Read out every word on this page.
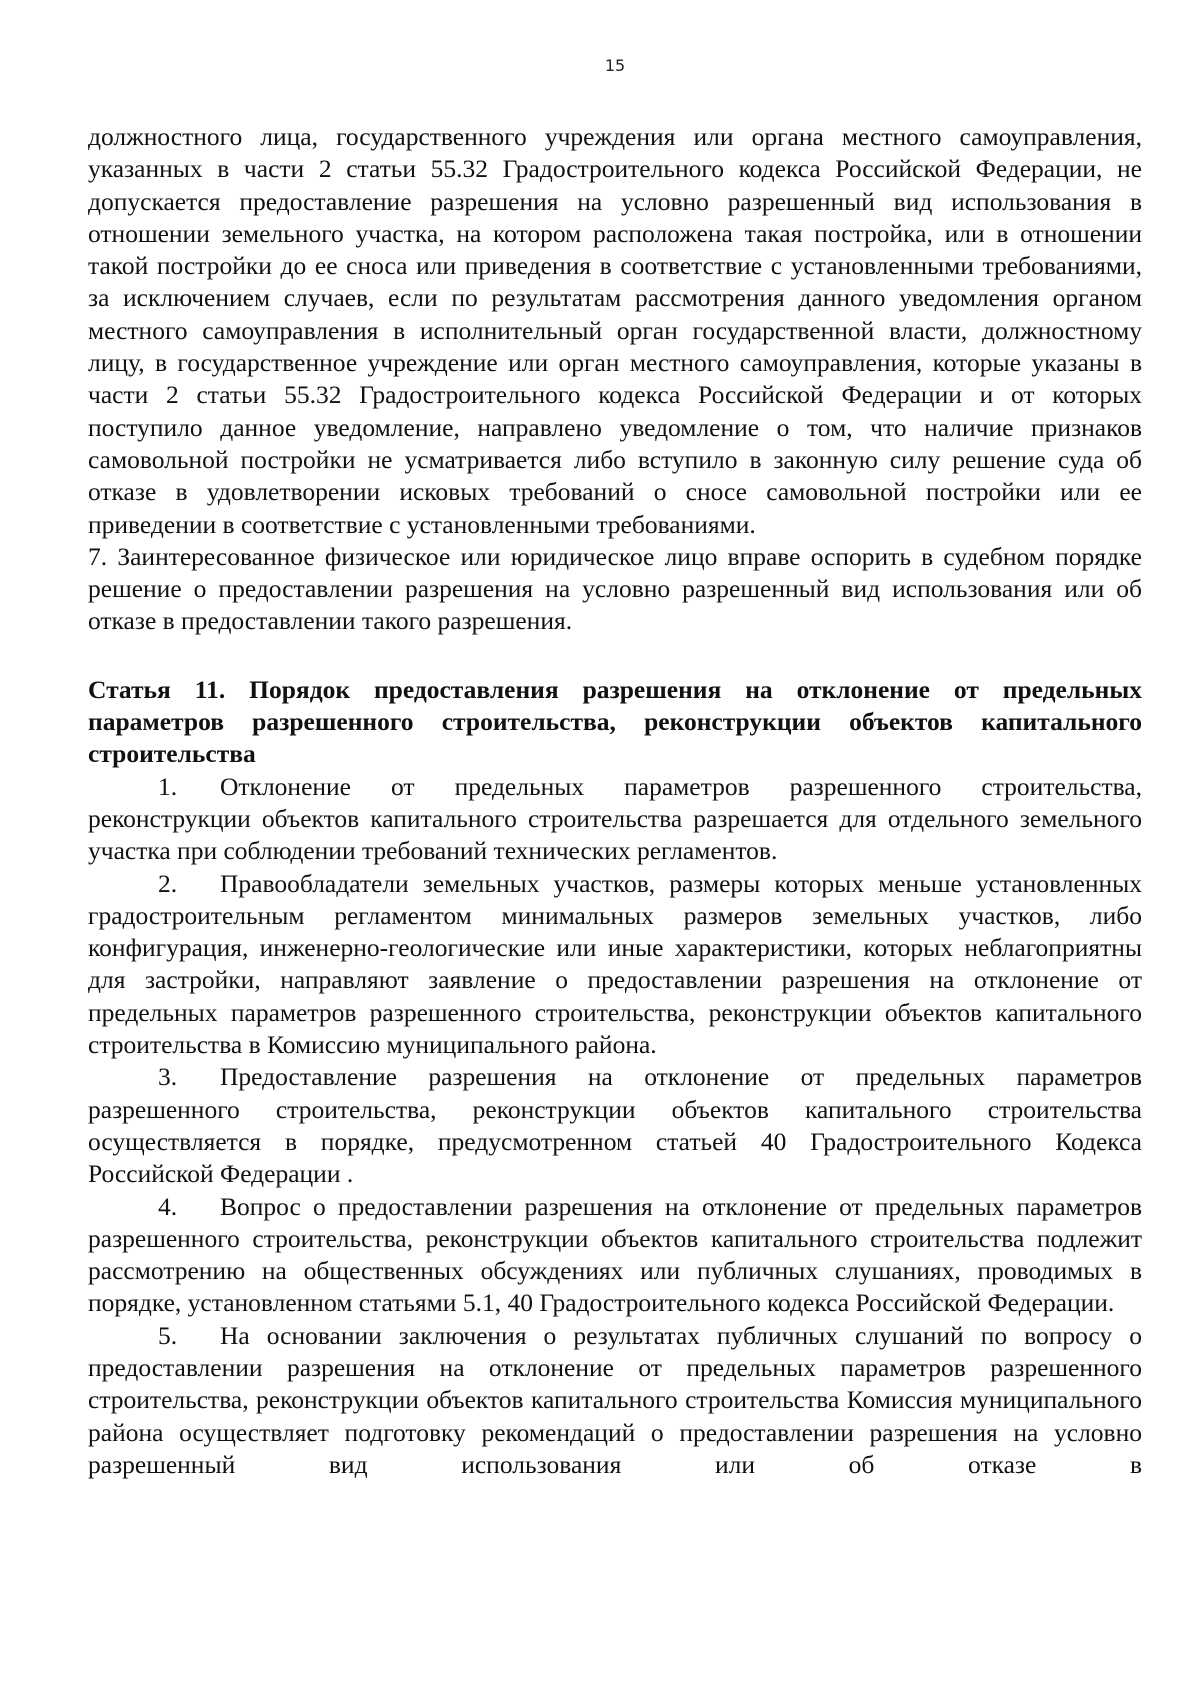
15

должностного лица, государственного учреждения или органа местного самоуправления, указанных в части 2 статьи 55.32 Градостроительного кодекса Российской Федерации, не допускается предоставление разрешения на условно разрешенный вид использования в отношении земельного участка, на котором расположена такая постройка, или в отношении такой постройки до ее сноса или приведения в соответствие с установленными требованиями, за исключением случаев, если по результатам рассмотрения данного уведомления органом местного самоуправления в исполнительный орган государственной власти, должностному лицу, в государственное учреждение или орган местного самоуправления, которые указаны в части 2 статьи 55.32 Градостроительного кодекса Российской Федерации и от которых поступило данное уведомление, направлено уведомление о том, что наличие признаков самовольной постройки не усматривается либо вступило в законную силу решение суда об отказе в удовлетворении исковых требований о сносе самовольной постройки или ее приведении в соответствие с установленными требованиями.

7. Заинтересованное физическое или юридическое лицо вправе оспорить в судебном порядке решение о предоставлении разрешения на условно разрешенный вид использования или об отказе в предоставлении такого разрешения.

Статья 11. Порядок предоставления разрешения на отклонение от предельных параметров разрешенного строительства, реконструкции объектов капитального строительства

1. Отклонение от предельных параметров разрешенного строительства, реконструкции объектов капитального строительства разрешается для отдельного земельного участка при соблюдении требований технических регламентов.

2. Правообладатели земельных участков, размеры которых меньше установленных градостроительным регламентом минимальных размеров земельных участков, либо конфигурация, инженерно-геологические или иные характеристики, которых неблагоприятны для застройки, направляют заявление о предоставлении разрешения на отклонение от предельных параметров разрешенного строительства, реконструкции объектов капитального строительства в Комиссию муниципального района.

3. Предоставление разрешения на отклонение от предельных параметров разрешенного строительства, реконструкции объектов капитального строительства осуществляется в порядке, предусмотренном статьей 40 Градостроительного Кодекса Российской Федерации .

4. Вопрос о предоставлении разрешения на отклонение от предельных параметров разрешенного строительства, реконструкции объектов капитального строительства подлежит рассмотрению на общественных обсуждениях или публичных слушаниях, проводимых в порядке, установленном статьями 5.1, 40 Градостроительного кодекса Российской Федерации.

5. На основании заключения о результатах публичных слушаний по вопросу о предоставлении разрешения на отклонение от предельных параметров разрешенного строительства, реконструкции объектов капитального строительства Комиссия муниципального района осуществляет подготовку рекомендаций о предоставлении разрешения на условно разрешенный вид использования или об отказе в
